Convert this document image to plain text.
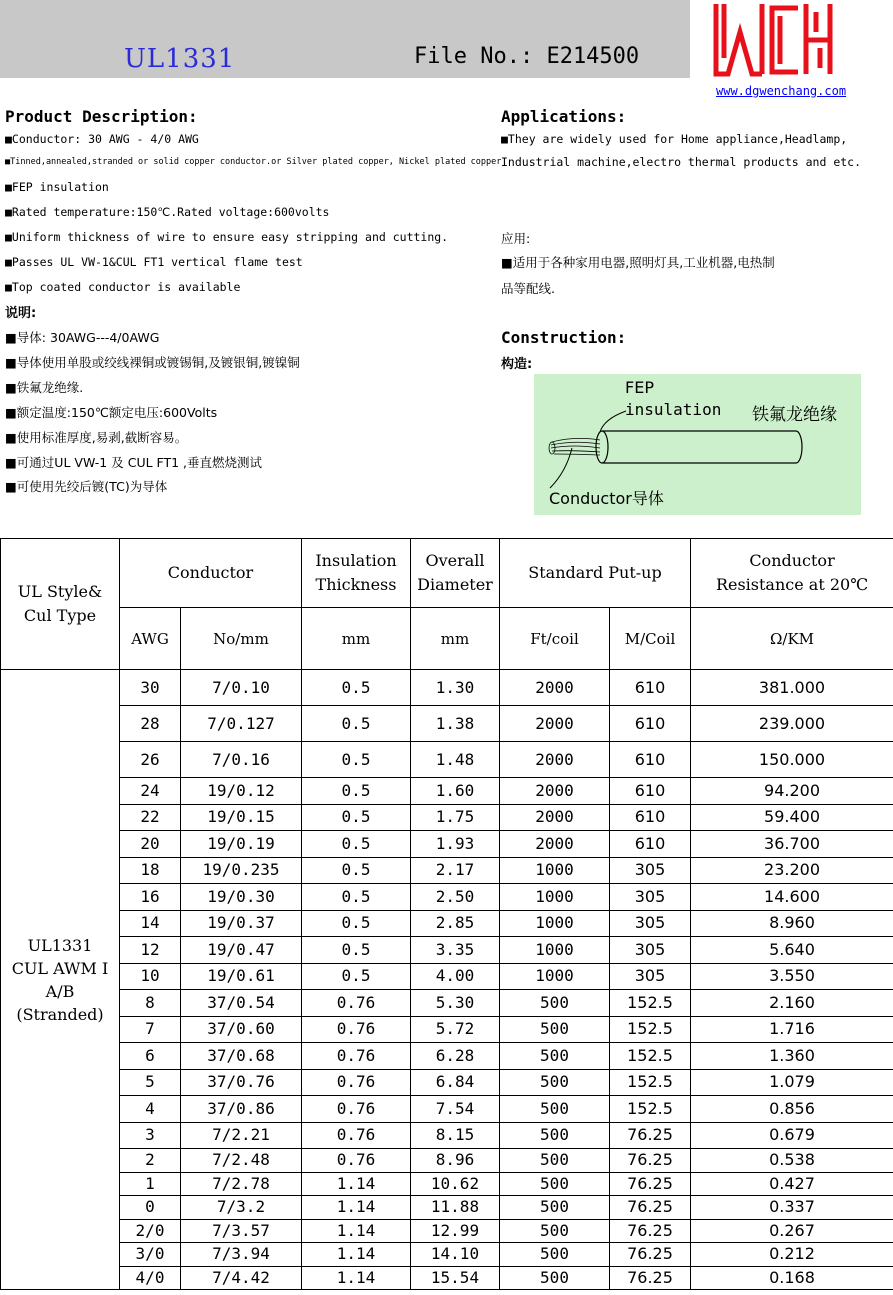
UL1331	File No.: E214500
www.dgwenchang.com
Product Description:
■Conductor: 30 AWG - 4/0 AWG
■Tinned,annealed,stranded or solid copper conductor.or Silver plated copper, Nickel plated copper
■FEP insulation
■Rated temperature:150℃.Rated voltage:600volts
■Uniform thickness of wire to ensure easy stripping and cutting.
■Passes UL VW-1&CUL FT1 vertical flame test
■Top coated conductor is available
说明:
■导体: 30AWG---4/0AWG
■导体使用单股或绞线裸铜或镀锡铜,及镀银铜,镀镍铜
■铁氟龙绝缘.
■额定温度:150℃额定电压:600Volts
■使用标准厚度,易剥,截断容易。
■可通过UL VW-1 及 CUL FT1 ,垂直燃烧测试
■可使用先绞后镀(TC)为导体
Applications:
■They are widely used for Home appliance,Headlamp,
Industrial machine,electro thermal products and etc.
应用:
■适用于各种家用电器,照明灯具,工业机器,电热制
品等配线.
Construction:
构造:
FEP
insulation 铁氟龙绝缘
Conductor导体
UL Style& Cul Type	Conductor		Insulation Thickness	Overall Diameter	Standard Put-up		Conductor Resistance at 20℃
	AWG	No/mm	mm	mm	Ft/coil	M/Coil	Ω/KM

UL1331
CUL AWM I
A/B
(Stranded)	30	7/0.10	0.5	1.30	2000	610	381.000
	28	7/0.127	0.5	1.38	2000	610	239.000
	26	7/0.16	0.5	1.48	2000	610	150.000
	24	19/0.12	0.5	1.60	2000	610	94.200
	22	19/0.15	0.5	1.75	2000	610	59.400
	20	19/0.19	0.5	1.93	2000	610	36.700
	18	19/0.235	0.5	2.17	1000	305	23.200
	16	19/0.30	0.5	2.50	1000	305	14.600
	14	19/0.37	0.5	2.85	1000	305	8.960
	12	19/0.47	0.5	3.35	1000	305	5.640
	10	19/0.61	0.5	4.00	1000	305	3.550
	8	37/0.54	0.76	5.30	500	152.5	2.160
	7	37/0.60	0.76	5.72	500	152.5	1.716
	6	37/0.68	0.76	6.28	500	152.5	1.360
	5	37/0.76	0.76	6.84	500	152.5	1.079
	4	37/0.86	0.76	7.54	500	152.5	0.856
	3	7/2.21	0.76	8.15	500	76.25	0.679
	2	7/2.48	0.76	8.96	500	76.25	0.538
	1	7/2.78	1.14	10.62	500	76.25	0.427
	0	7/3.2	1.14	11.88	500	76.25	0.337
	2/0	7/3.57	1.14	12.99	500	76.25	0.267
	3/0	7/3.94	1.14	14.10	500	76.25	0.212
	4/0	7/4.42	1.14	15.54	500	76.25	0.168
